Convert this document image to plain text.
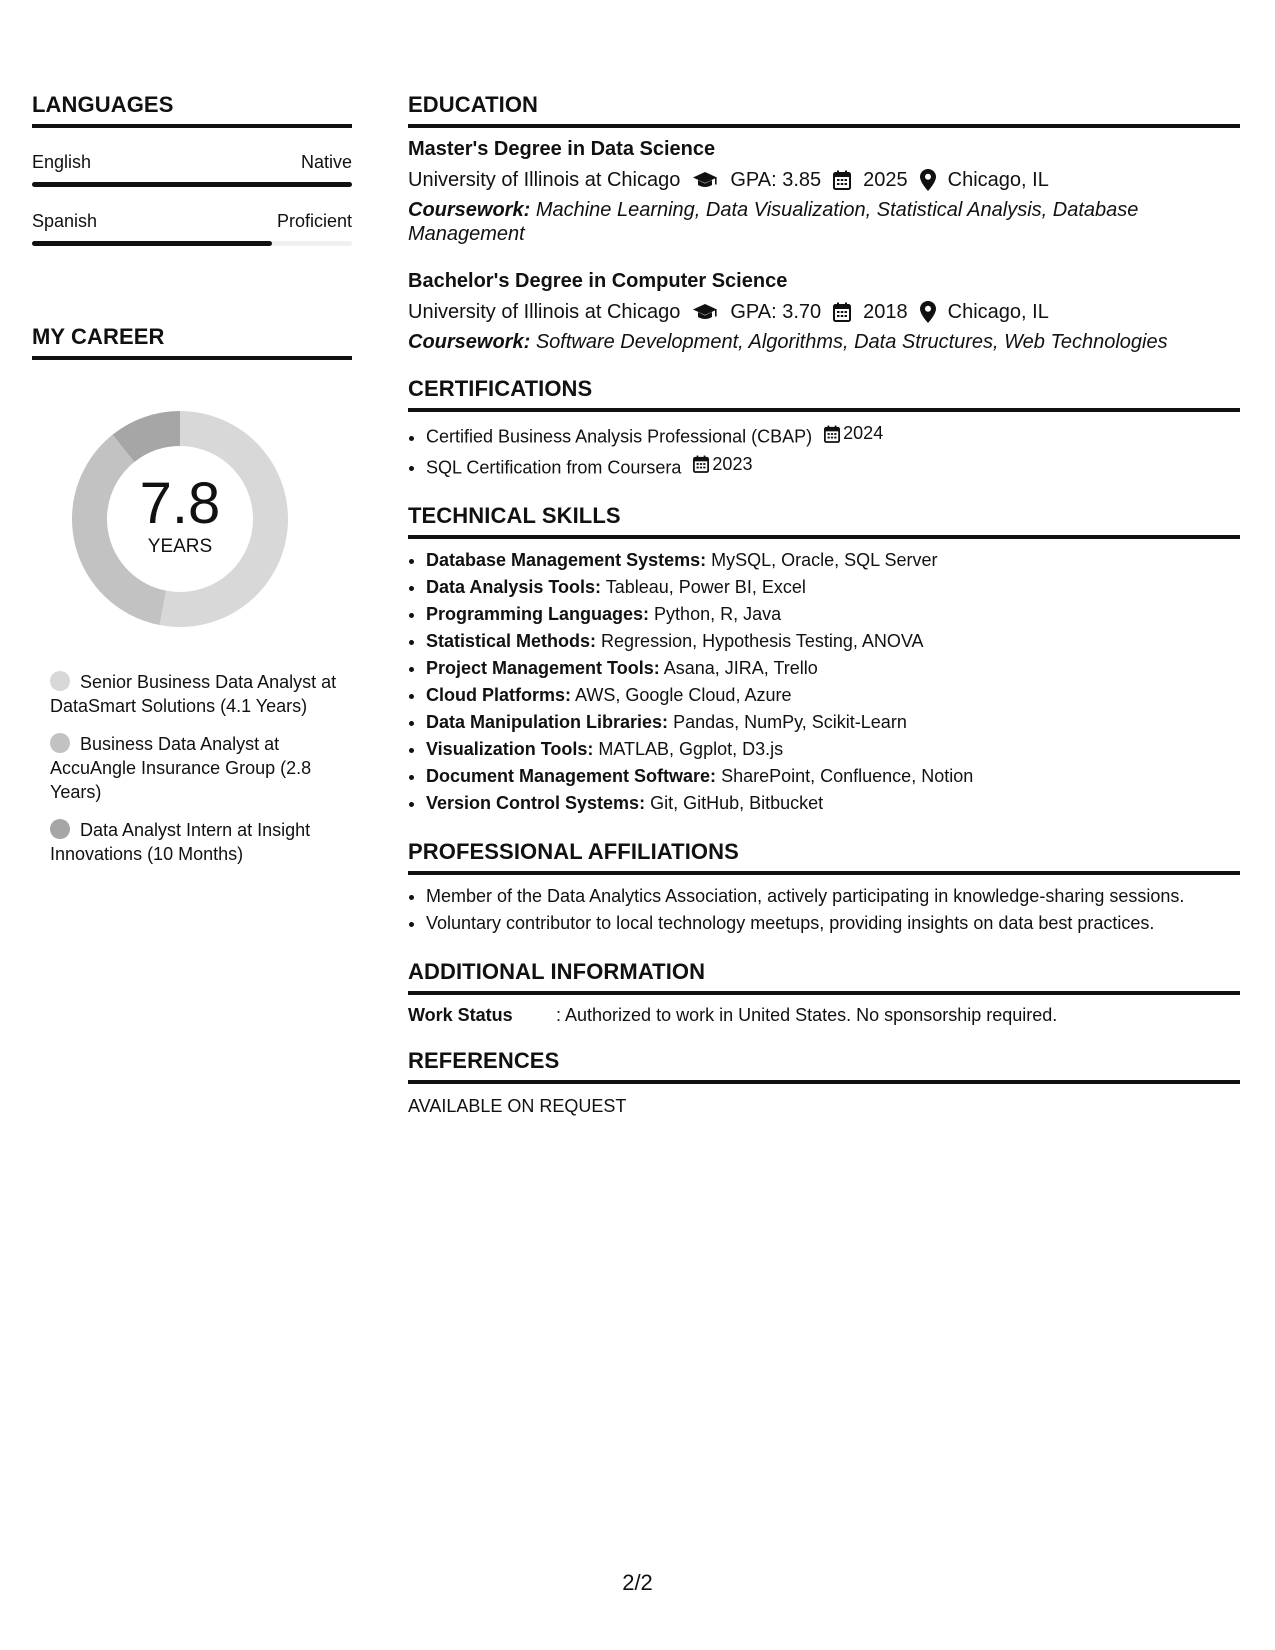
LANGUAGES
English	Native
Spanish	Proficient
MY CAREER
7.8
YEARS
Senior Business Data Analyst at DataSmart Solutions (4.1 Years)
Business Data Analyst at AccuAngle Insurance Group (2.8 Years)
Data Analyst Intern at Insight Innovations (10 Months)
EDUCATION
Master's Degree in Data Science
University of Illinois at Chicago	GPA: 3.85 2025 Chicago, IL
Coursework: Machine Learning, Data Visualization, Statistical Analysis, Database Management
Bachelor's Degree in Computer Science
University of Illinois at Chicago	GPA: 3.70 2018 Chicago, IL
Coursework: Software Development, Algorithms, Data Structures, Web Technologies
CERTIFICATIONS
• Certified Business Analysis Professional (CBAP) 2024
• SQL Certification from Coursera 2023
TECHNICAL SKILLS
• Database Management Systems: MySQL, Oracle, SQL Server
• Data Analysis Tools: Tableau, Power BI, Excel
• Programming Languages: Python, R, Java
• Statistical Methods: Regression, Hypothesis Testing, ANOVA
• Project Management Tools: Asana, JIRA, Trello
• Cloud Platforms: AWS, Google Cloud, Azure
• Data Manipulation Libraries: Pandas, NumPy, Scikit-Learn
• Visualization Tools: MATLAB, Ggplot, D3.js
• Document Management Software: SharePoint, Confluence, Notion
• Version Control Systems: Git, GitHub, Bitbucket
PROFESSIONAL AFFILIATIONS
• Member of the Data Analytics Association, actively participating in knowledge-sharing sessions.
• Voluntary contributor to local technology meetups, providing insights on data best practices.
ADDITIONAL INFORMATION
Work Status	: Authorized to work in United States. No sponsorship required.
REFERENCES
AVAILABLE ON REQUEST
2/2
